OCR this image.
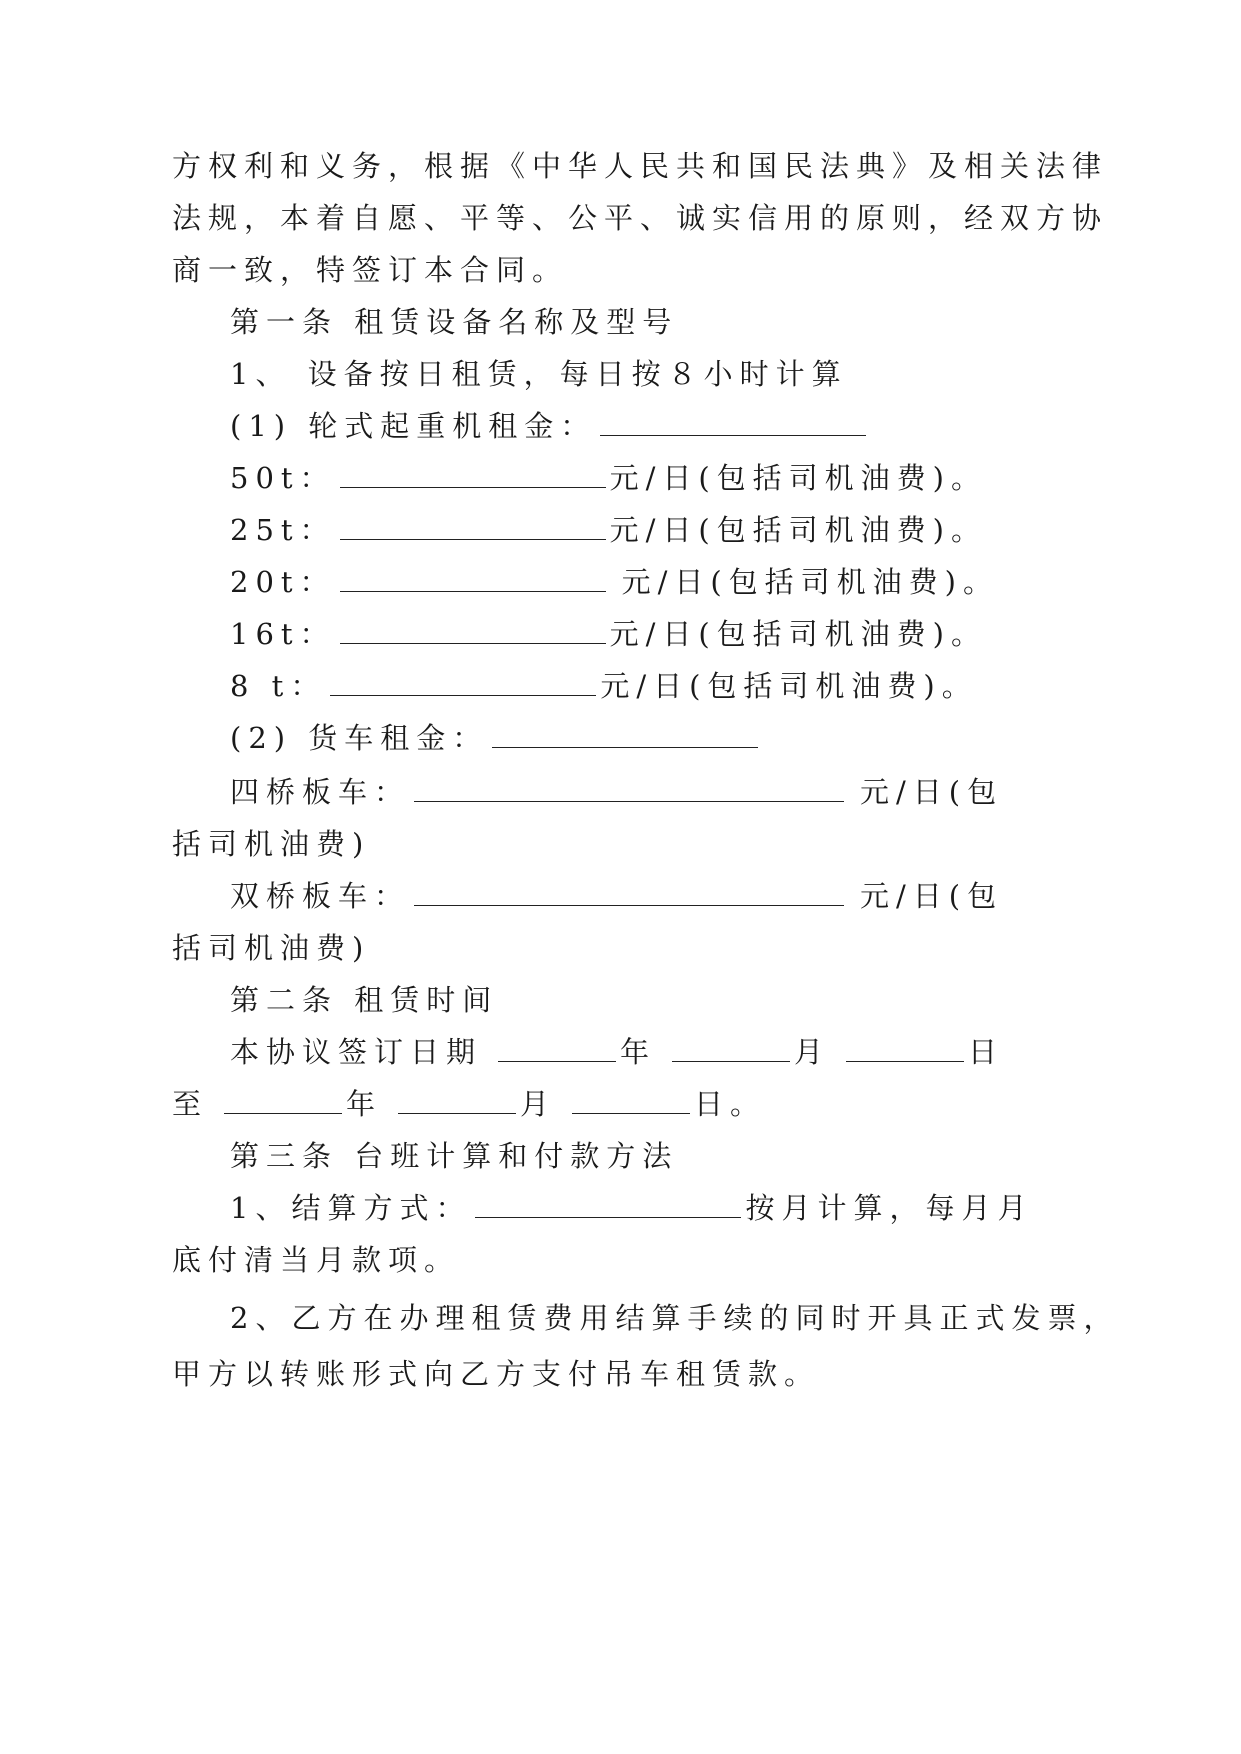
方权利和义务，根据《中华人民共和国民法典》及相关法律
法规，本着自愿、平等、公平、诚实信用的原则，经双方协
商一致，特签订本合同。
第一条 租赁设备名称及型号
1、 设备按日租赁，每日按８小时计算
(1) 轮式起重机租金：
50t：	元/日(包括司机油费)。
25t：	元/日(包括司机油费)。
20t：	元/日(包括司机油费)。
16t：	元/日(包括司机油费)。
8 t：	元/日(包括司机油费)。
(2) 货车租金：
四桥板车：	元/日(包
括司机油费)
双桥板车：	元/日(包
括司机油费)
第二条 租赁时间
本协议签订日期	年	月	日
至	年	月	日。
第三条 台班计算和付款方法
1、结算方式：	按月计算，每月月
底付清当月款项。
2、乙方在办理租赁费用结算手续的同时开具正式发票，
甲方以转账形式向乙方支付吊车租赁款。
